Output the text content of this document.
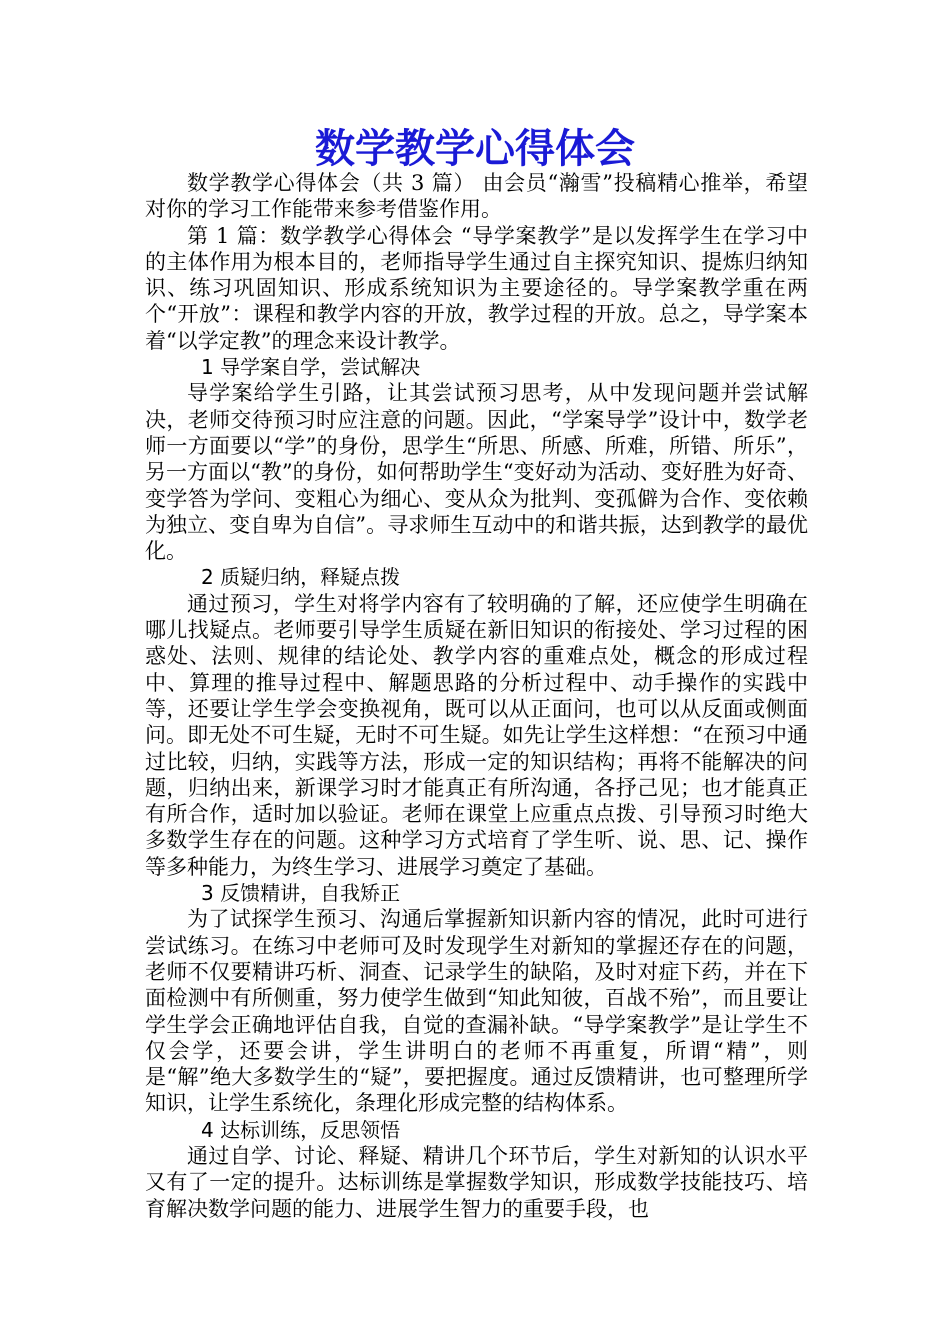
数学教学心得体会

数学教学心得体会（共 3 篇） 由会员“瀚雪”投稿精心推举，希望对你的学习工作能带来参考借鉴作用。

第 1 篇：数学教学心得体会 “导学案教学”是以发挥学生在学习中的主体作用为根本目的，老师指导学生通过自主探究知识、提炼归纳知识、练习巩固知识、形成系统知识为主要途径的。导学案教学重在两个“开放”：课程和教学内容的开放，教学过程的开放。总之，导学案本着“以学定教”的理念来设计教学。

1 导学案自学，尝试解决

导学案给学生引路，让其尝试预习思考，从中发现问题并尝试解决，老师交待预习时应注意的问题。因此，“学案导学”设计中，数学老师一方面要以“学”的身份，思学生“所思、所感、所难，所错、所乐”，另一方面以“教”的身份，如何帮助学生“变好动为活动、变好胜为好奇、变学答为学问、变粗心为细心、变从众为批判、变孤僻为合作、变依赖为独立、变自卑为自信”。寻求师生互动中的和谐共振，达到教学的最优化。

2 质疑归纳，释疑点拨

通过预习，学生对将学内容有了较明确的了解，还应使学生明确在哪儿找疑点。老师要引导学生质疑在新旧知识的衔接处、学习过程的困惑处、法则、规律的结论处、教学内容的重难点处，概念的形成过程中、算理的推导过程中、解题思路的分析过程中、动手操作的实践中等，还要让学生学会变换视角，既可以从正面问，也可以从反面或侧面问。即无处不可生疑，无时不可生疑。如先让学生这样想：“在预习中通过比较，归纳，实践等方法，形成一定的知识结构；再将不能解决的问题，归纳出来，新课学习时才能真正有所沟通，各抒己见；也才能真正有所合作，适时加以验证。老师在课堂上应重点点拨、引导预习时绝大多数学生存在的问题。这种学习方式培育了学生听、说、思、记、操作等多种能力，为终生学习、进展学习奠定了基础。

3 反馈精讲，自我矫正

为了试探学生预习、沟通后掌握新知识新内容的情况，此时可进行尝试练习。在练习中老师可及时发现学生对新知的掌握还存在的问题，老师不仅要精讲巧析、洞查、记录学生的缺陷，及时对症下药，并在下面检测中有所侧重，努力使学生做到“知此知彼，百战不殆”，而且要让学生学会正确地评估自我，自觉的查漏补缺。“导学案教学”是让学生不仅会学，还要会讲，学生讲明白的老师不再重复，所谓“精”，则是“解”绝大多数学生的“疑”，要把握度。通过反馈精讲，也可整理所学知识，让学生系统化，条理化形成完整的结构体系。

4 达标训练，反思领悟

通过自学、讨论、释疑、精讲几个环节后，学生对新知的认识水平又有了一定的提升。达标训练是掌握数学知识，形成数学技能技巧、培育解决数学问题的能力、进展学生智力的重要手段，也
